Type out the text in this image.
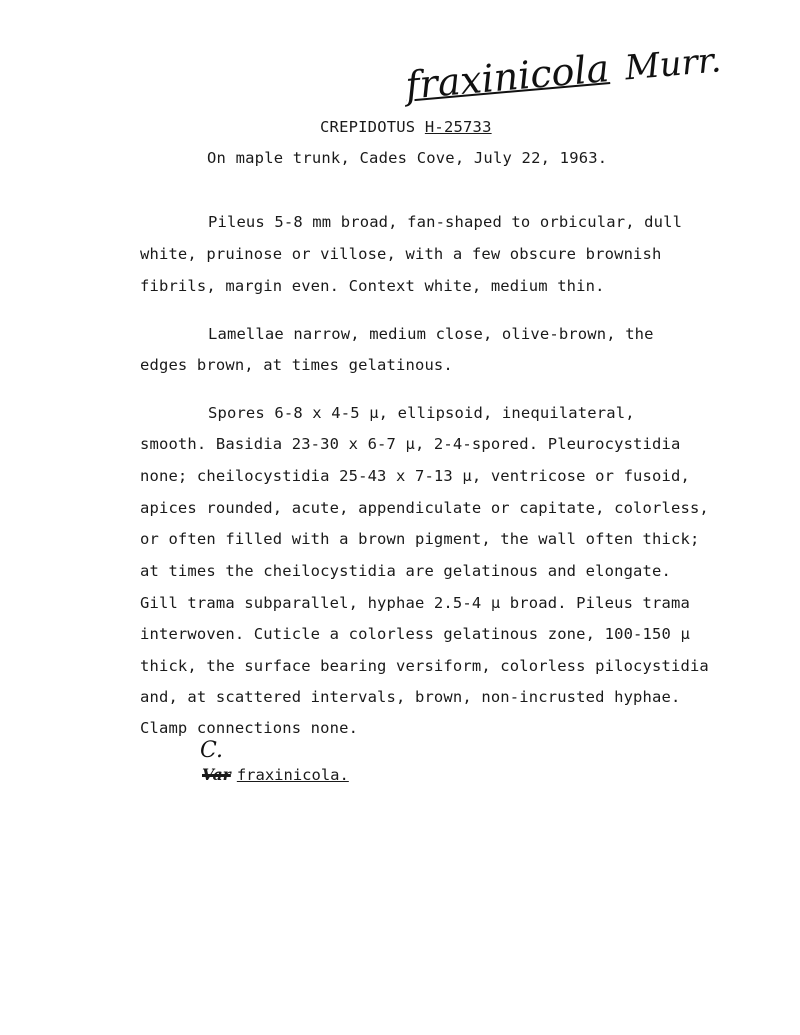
fraxinicola Murr.
CREPIDOTUS H-25733
On maple trunk, Cades Cove, July 22, 1963.
Pileus 5-8 mm broad, fan-shaped to orbicular, dull
white, pruinose or villose, with a few obscure brownish
fibrils, margin even. Context white, medium thin.
Lamellae narrow, medium close, olive-brown, the
edges brown, at times gelatinous.
Spores 6-8 x 4-5 µ, ellipsoid, inequilateral,
smooth. Basidia 23-30 x 6-7 µ, 2-4-spored. Pleurocystidia
none; cheilocystidia 25-43 x 7-13 µ, ventricose or fusoid,
apices rounded, acute, appendiculate or capitate, colorless,
or often filled with a brown pigment, the wall often thick;
at times the cheilocystidia are gelatinous and elongate.
Gill trama subparallel, hyphae 2.5-4 µ broad. Pileus trama
interwoven. Cuticle a colorless gelatinous zone, 100-150 µ
thick, the surface bearing versiform, colorless pilocystidia
and, at scattered intervals, brown, non-incrusted hyphae.
Clamp connections none.
C.
Var fraxinicola.
